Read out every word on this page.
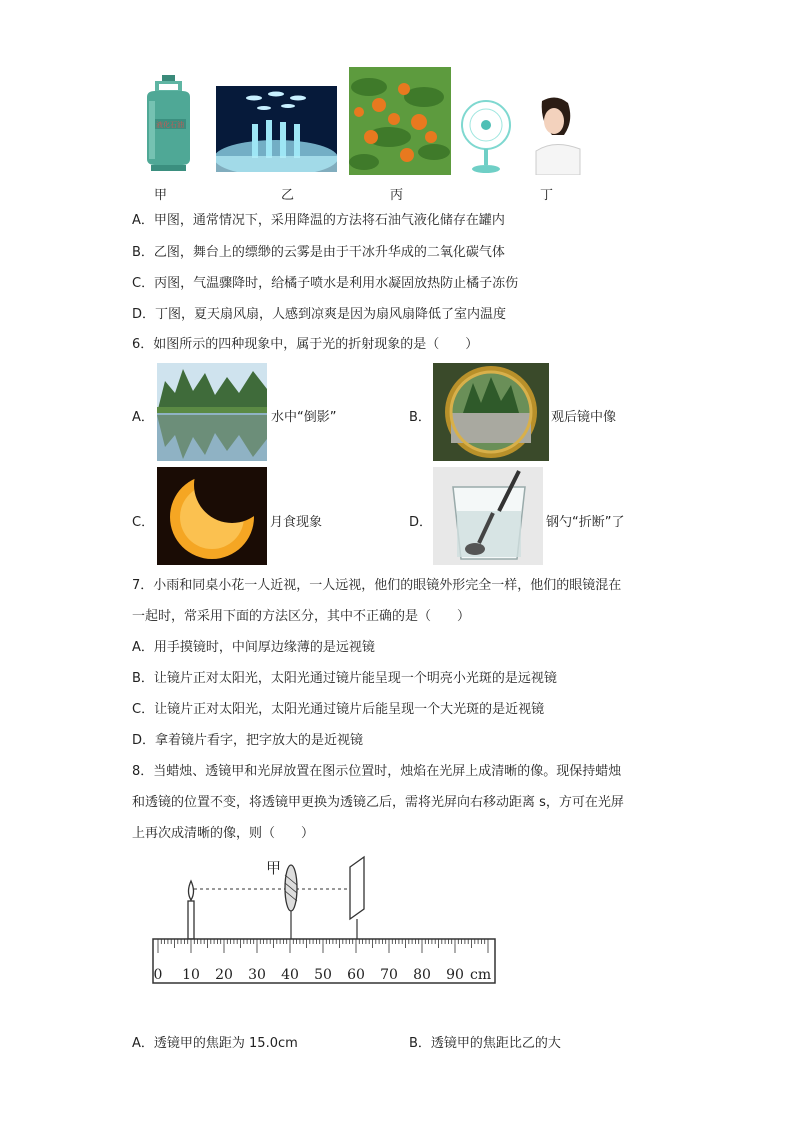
液化石油
甲	乙	丙	丁
A．甲图，通常情况下，采用降温的方法将石油气液化储存在罐内
B．乙图，舞台上的缥缈的云雾是由于干冰升华成的二氧化碳气体
C．丙图，气温骤降时，给橘子喷水是利用水凝固放热防止橘子冻伤
D．丁图，夏天扇风扇，人感到凉爽是因为扇风扇降低了室内温度
6．如图所示的四种现象中，属于光的折射现象的是（　　）
A．	水中“倒影”	B．	观后镜中像
C．	月食现象	D．	钢勺“折断”了
7．小雨和同桌小花一人近视，一人远视，他们的眼镜外形完全一样，他们的眼镜混在
一起时，常采用下面的方法区分，其中不正确的是（　　）
A．用手摸镜时，中间厚边缘薄的是远视镜
B．让镜片正对太阳光，太阳光通过镜片能呈现一个明亮小光斑的是远视镜
C．让镜片正对太阳光，太阳光通过镜片后能呈现一个大光斑的是近视镜
D．拿着镜片看字，把字放大的是近视镜
8．当蜡烛、透镜甲和光屏放置在图示位置时，烛焰在光屏上成清晰的像。现保持蜡烛
和透镜的位置不变，将透镜甲更换为透镜乙后，需将光屏向右移动距离 s，方可在光屏
上再次成清晰的像，则（　　）
甲
0 10 20 30 40 50 60 70 80 90 cm
A．透镜甲的焦距为 15.0cm	B．透镜甲的焦距比乙的大
